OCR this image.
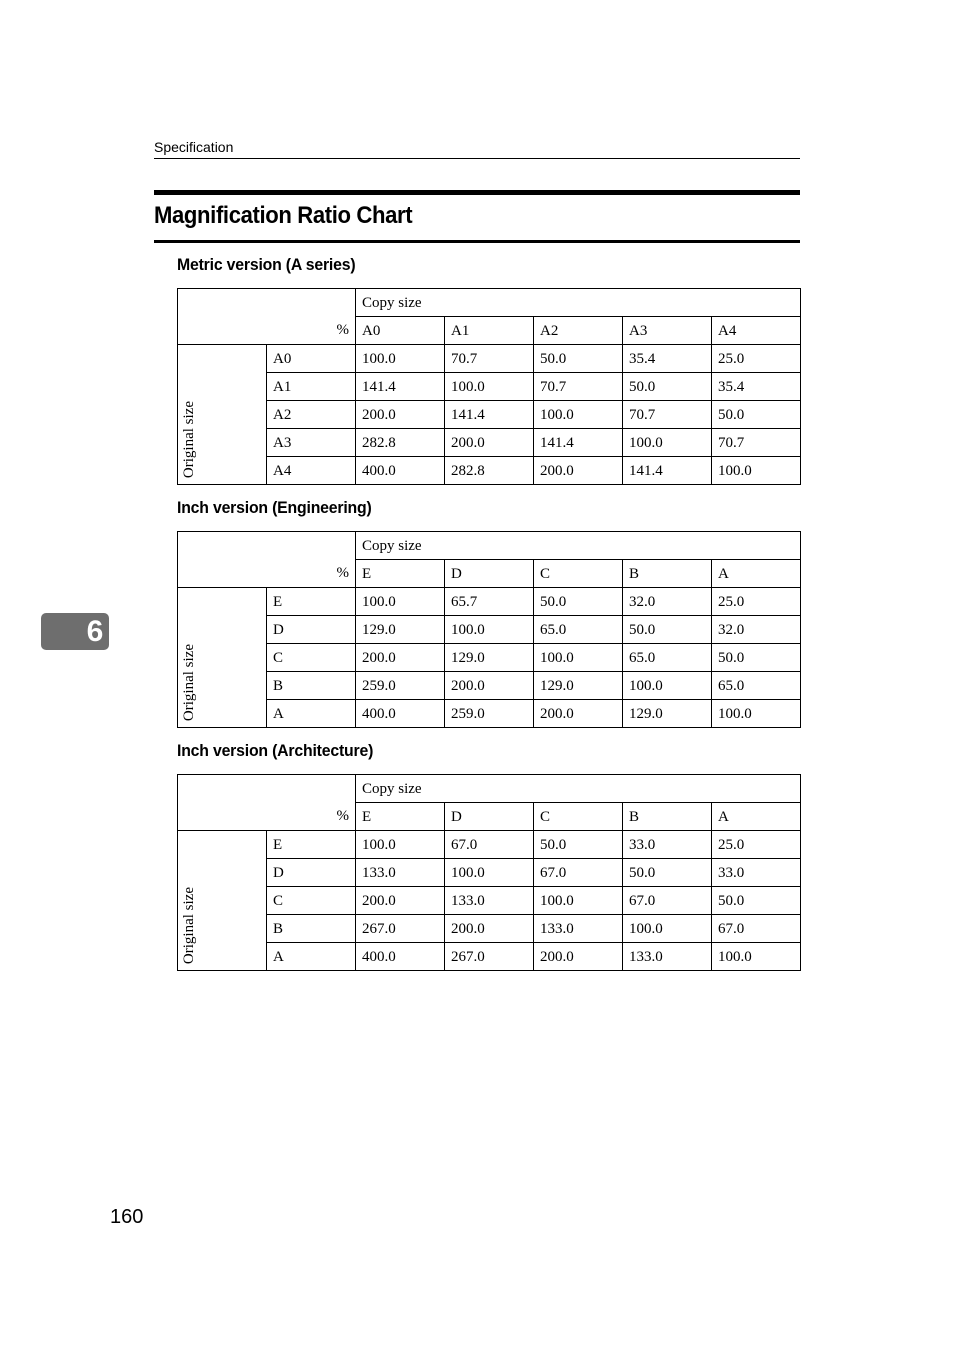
Specification
Magnification Ratio Chart
Metric version (A series)
%		Copy size				
		A0	A1	A2	A3	A4

Original size	A0	100.0	70.7	50.0	35.4	25.0
	A1	141.4	100.0	70.7	50.0	35.4
	A2	200.0	141.4	100.0	70.7	50.0
	A3	282.8	200.0	141.4	100.0	70.7
	A4	400.0	282.8	200.0	141.4	100.0
Inch version (Engineering)
%		Copy size				
		E	D	C	B	A

Original size	E	100.0	65.7	50.0	32.0	25.0
	D	129.0	100.0	65.0	50.0	32.0
	C	200.0	129.0	100.0	65.0	50.0
	B	259.0	200.0	129.0	100.0	65.0
	A	400.0	259.0	200.0	129.0	100.0
Inch version (Architecture)
%		Copy size				
		E	D	C	B	A

Original size	E	100.0	67.0	50.0	33.0	25.0
	D	133.0	100.0	67.0	50.0	33.0
	C	200.0	133.0	100.0	67.0	50.0
	B	267.0	200.0	133.0	100.0	67.0
	A	400.0	267.0	200.0	133.0	100.0
6
160
